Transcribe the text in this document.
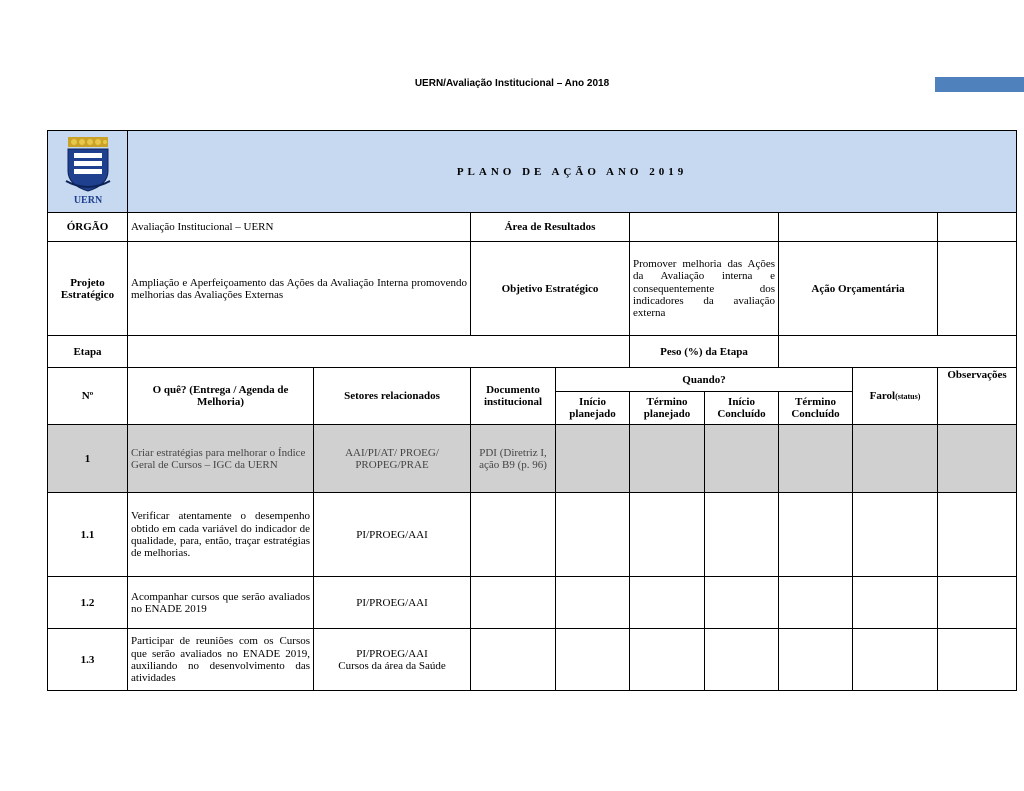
UERN/Avaliação Institucional – Ano 2018
UERN	PLANO DE AÇÃO ANO 2019								
ÓRGÃO	Avaliação Institucional – UERN		Área de Resultados						
Projeto Estratégico	Ampliação e Aperfeiçoamento das Ações da Avaliação Interna promovendo melhorias das Avaliações Externas		Objetivo Estratégico		Promover melhoria das Ações da Avaliação interna e consequentemente dos indicadores da avaliação externa		Ação Orçamentária		
Etapa					Peso (%) da Etapa				
Nº	O quê? (Entrega / Agenda de Melhoria)	Setores relacionados	Documento institucional	Quando?				Farol(status)	Observações
				Início planejado	Término planejado	Início Concluído	Término Concluído		
1	Criar estratégias para melhorar o Índice Geral de Cursos – IGC da UERN	AAI/PI/AT/ PROEG/ PROPEG/PRAE	PDI (Diretriz I, ação B9 (p. 96)						
1.1	Verificar atentamente o desempenho obtido em cada variável do indicador de qualidade, para, então, traçar estratégias de melhorias.	PI/PROEG/AAI							
1.2	Acompanhar cursos que serão avaliados no ENADE 2019	PI/PROEG/AAI							
1.3	Participar de reuniões com os Cursos que serão avaliados no ENADE 2019, auxiliando no desenvolvimento das atividades	PI/PROEG/AAI
Cursos da área da Saúde							
